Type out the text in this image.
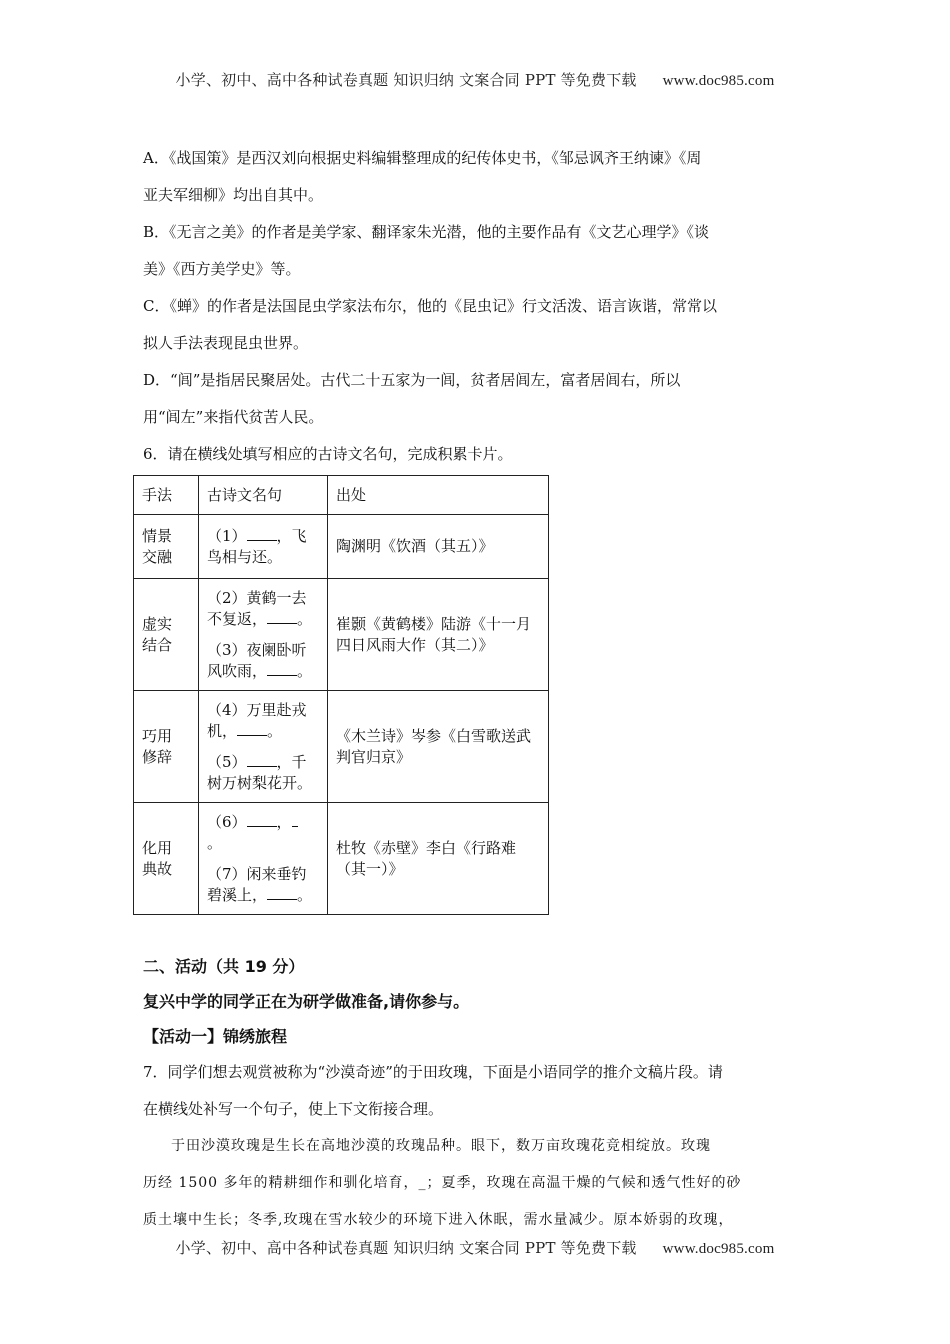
小学、初中、高中各种试卷真题 知识归纳 文案合同 PPT 等免费下载 www.doc985.com

A．《战国策》是西汉刘向根据史料编辑整理成的纪传体史书，《邹忌讽齐王纳谏》《周

亚夫军细柳》均出自其中。

B．《无言之美》的作者是美学家、翻译家朱光潜，他的主要作品有《文艺心理学》《谈

美》《西方美学史》等。

C．《蝉》的作者是法国昆虫学家法布尔，他的《昆虫记》行文活泼、语言诙谐，常常以

拟人手法表现昆虫世界。

D．“闾”是指居民聚居处。古代二十五家为一闾，贫者居闾左，富者居闾右，所以

用“闾左”来指代贫苦人民。

6．请在横线处填写相应的古诗文名句，完成积累卡片。

手法	古诗文名句	出处

情景
交融	（1） ，飞
鸟相与还。	陶渊明《饮酒（其五）》

虚实
结合	（2）黄鹤一去
不复返， 。
（3）夜阑卧听
风吹雨， 。	崔颢《黄鹤楼》陆游《十一月四日风雨大作（其二）》

巧用
修辞	（4）万里赴戎
机， 。
（5） ，千
树万树梨花开。	《木兰诗》岑参《白雪歌送武判官归京》

化用
典故	（6） ，
。
（7）闲来垂钓
碧溪上， 。	杜牧《赤壁》李白《行路难（其一）》

二、活动（共 19 分）

复兴中学的同学正在为研学做准备,请你参与。

【活动一】锦绣旅程

7．同学们想去观赏被称为“沙漠奇迹”的于田玫瑰，下面是小语同学的推介文稿片段。请

在横线处补写一个句子，使上下文衔接合理。

于田沙漠玫瑰是生长在高地沙漠的玫瑰品种。眼下，数万亩玫瑰花竞相绽放。玫瑰

历经 1500 多年的精耕细作和驯化培育，_；夏季，玫瑰在高温干燥的气候和透气性好的砂

质土壤中生长；冬季,玫瑰在雪水较少的环境下进入休眠，需水量减少。原本娇弱的玫瑰，

小学、初中、高中各种试卷真题 知识归纳 文案合同 PPT 等免费下载 www.doc985.com
